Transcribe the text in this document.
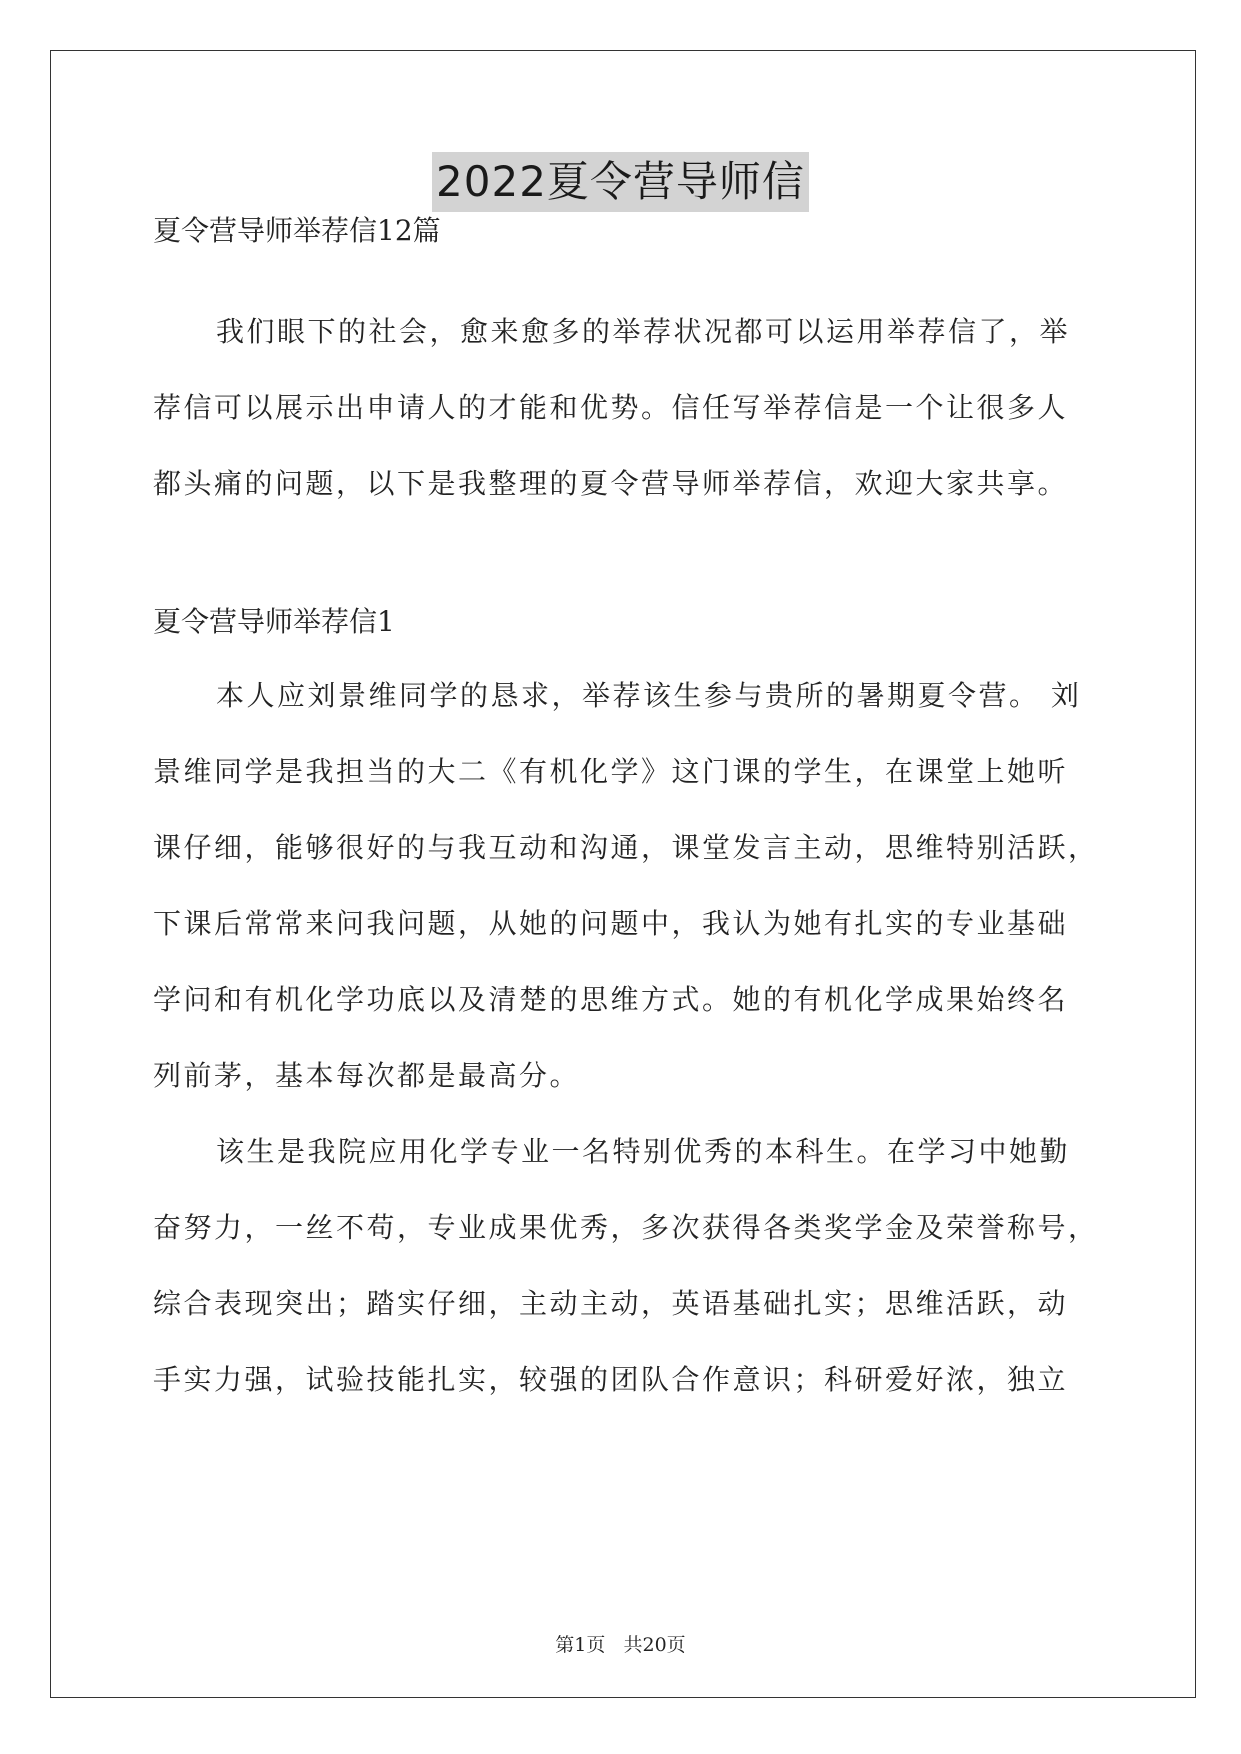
2022夏令营导师信
夏令营导师举荐信12篇
我们眼下的社会，愈来愈多的举荐状况都可以运用举荐信了，举
荐信可以展示出申请人的才能和优势。信任写举荐信是一个让很多人
都头痛的问题，以下是我整理的夏令营导师举荐信，欢迎大家共享。
夏令营导师举荐信1
本人应刘景维同学的恳求，举荐该生参与贵所的暑期夏令营。 刘
景维同学是我担当的大二《有机化学》这门课的学生，在课堂上她听
课仔细，能够很好的与我互动和沟通，课堂发言主动，思维特别活跃，
下课后常常来问我问题，从她的问题中，我认为她有扎实的专业基础
学问和有机化学功底以及清楚的思维方式。她的有机化学成果始终名
列前茅，基本每次都是最高分。
该生是我院应用化学专业一名特别优秀的本科生。在学习中她勤
奋努力，一丝不苟，专业成果优秀，多次获得各类奖学金及荣誉称号，
综合表现突出；踏实仔细，主动主动，英语基础扎实；思维活跃，动
手实力强，试验技能扎实，较强的团队合作意识；科研爱好浓，独立
第1页   共20页
